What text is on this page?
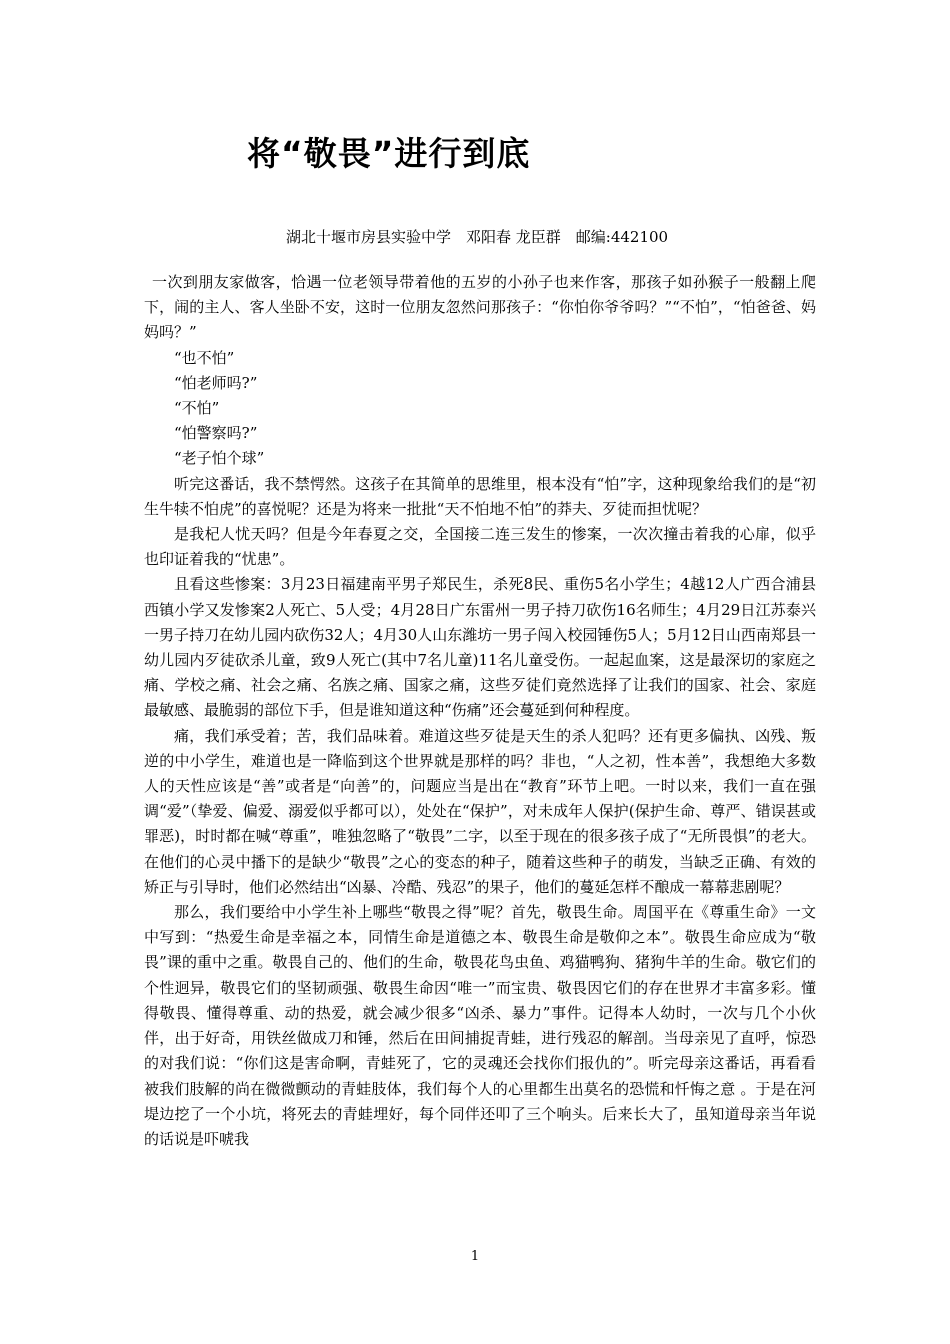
将“敬畏”进行到底
湖北十堰市房县实验中学　邓阳春 龙臣群　邮编:442100

一次到朋友家做客，恰遇一位老领导带着他的五岁的小孙子也来作客，那孩子如孙猴子一般翻上爬下，闹的主人、客人坐卧不安，这时一位朋友忽然问那孩子：“你怕你爷爷吗？”“不怕”，“怕爸爸、妈妈吗？”

“也不怕”

“怕老师吗?”

“不怕”

“怕警察吗?”

“老子怕个球”

听完这番话，我不禁愕然。这孩子在其简单的思维里，根本没有“怕”字，这种现象给我们的是“初生牛犊不怕虎”的喜悦呢？还是为将来一批批“天不怕地不怕”的莽夫、歹徒而担忧呢？

是我杞人忧天吗？但是今年春夏之交，全国接二连三发生的惨案，一次次撞击着我的心扉，似乎也印证着我的“忧患”。

且看这些惨案：3月23日福建南平男子郑民生，杀死8民、重伤5名小学生；4越12人广西合浦县西镇小学又发惨案2人死亡、5人受；4月28日广东雷州一男子持刀砍伤16名师生；4月29日江苏泰兴一男子持刀在幼儿园内砍伤32人；4月30人山东潍坊一男子闯入校园锤伤5人；5月12日山西南郑县一幼儿园内歹徒砍杀儿童，致9人死亡(其中7名儿童)11名儿童受伤。一起起血案，这是最深切的家庭之痛、学校之痛、社会之痛、名族之痛、国家之痛，这些歹徒们竟然选择了让我们的国家、社会、家庭最敏感、最脆弱的部位下手，但是谁知道这种“伤痛”还会蔓延到何种程度。

痛，我们承受着；苦，我们品味着。难道这些歹徒是天生的杀人犯吗？还有更多偏执、凶残、叛逆的中小学生，难道也是一降临到这个世界就是那样的吗？非也，“人之初，性本善”，我想绝大多数人的天性应该是“善”或者是“向善”的，问题应当是出在“教育”环节上吧。一时以来，我们一直在强调“爱”（挚爱、偏爱、溺爱似乎都可以），处处在“保护”，对未成年人保护(保护生命、尊严、错误甚或罪恶)，时时都在喊“尊重”，唯独忽略了“敬畏”二字，以至于现在的很多孩子成了“无所畏惧”的老大。在他们的心灵中播下的是缺少“敬畏”之心的变态的种子，随着这些种子的萌发，当缺乏正确、有效的矫正与引导时，他们必然结出“凶暴、冷酷、残忍”的果子，他们的蔓延怎样不酿成一幕幕悲剧呢？

那么，我们要给中小学生补上哪些“敬畏之得”呢？首先，敬畏生命。周国平在《尊重生命》一文中写到：“热爱生命是幸福之本，同情生命是道德之本、敬畏生命是敬仰之本”。敬畏生命应成为“敬畏”课的重中之重。敬畏自己的、他们的生命，敬畏花鸟虫鱼、鸡猫鸭狗、猪狗牛羊的生命。敬它们的个性迥异，敬畏它们的坚韧顽强、敬畏生命因“唯一”而宝贵、敬畏因它们的存在世界才丰富多彩。懂得敬畏、懂得尊重、动的热爱，就会减少很多“凶杀、暴力”事件。记得本人幼时，一次与几个小伙伴，出于好奇，用铁丝做成刀和锤，然后在田间捕捉青蛙，进行残忍的解剖。当母亲见了直呼，惊恐的对我们说：“你们这是害命啊，青蛙死了，它的灵魂还会找你们报仇的”。听完母亲这番话，再看看被我们肢解的尚在微微颤动的青蛙肢体，我们每个人的心里都生出莫名的恐慌和忏悔之意 。于是在河堤边挖了一个小坑，将死去的青蛙埋好，每个同伴还叩了三个响头。后来长大了，虽知道母亲当年说的话说是吓唬我

1
